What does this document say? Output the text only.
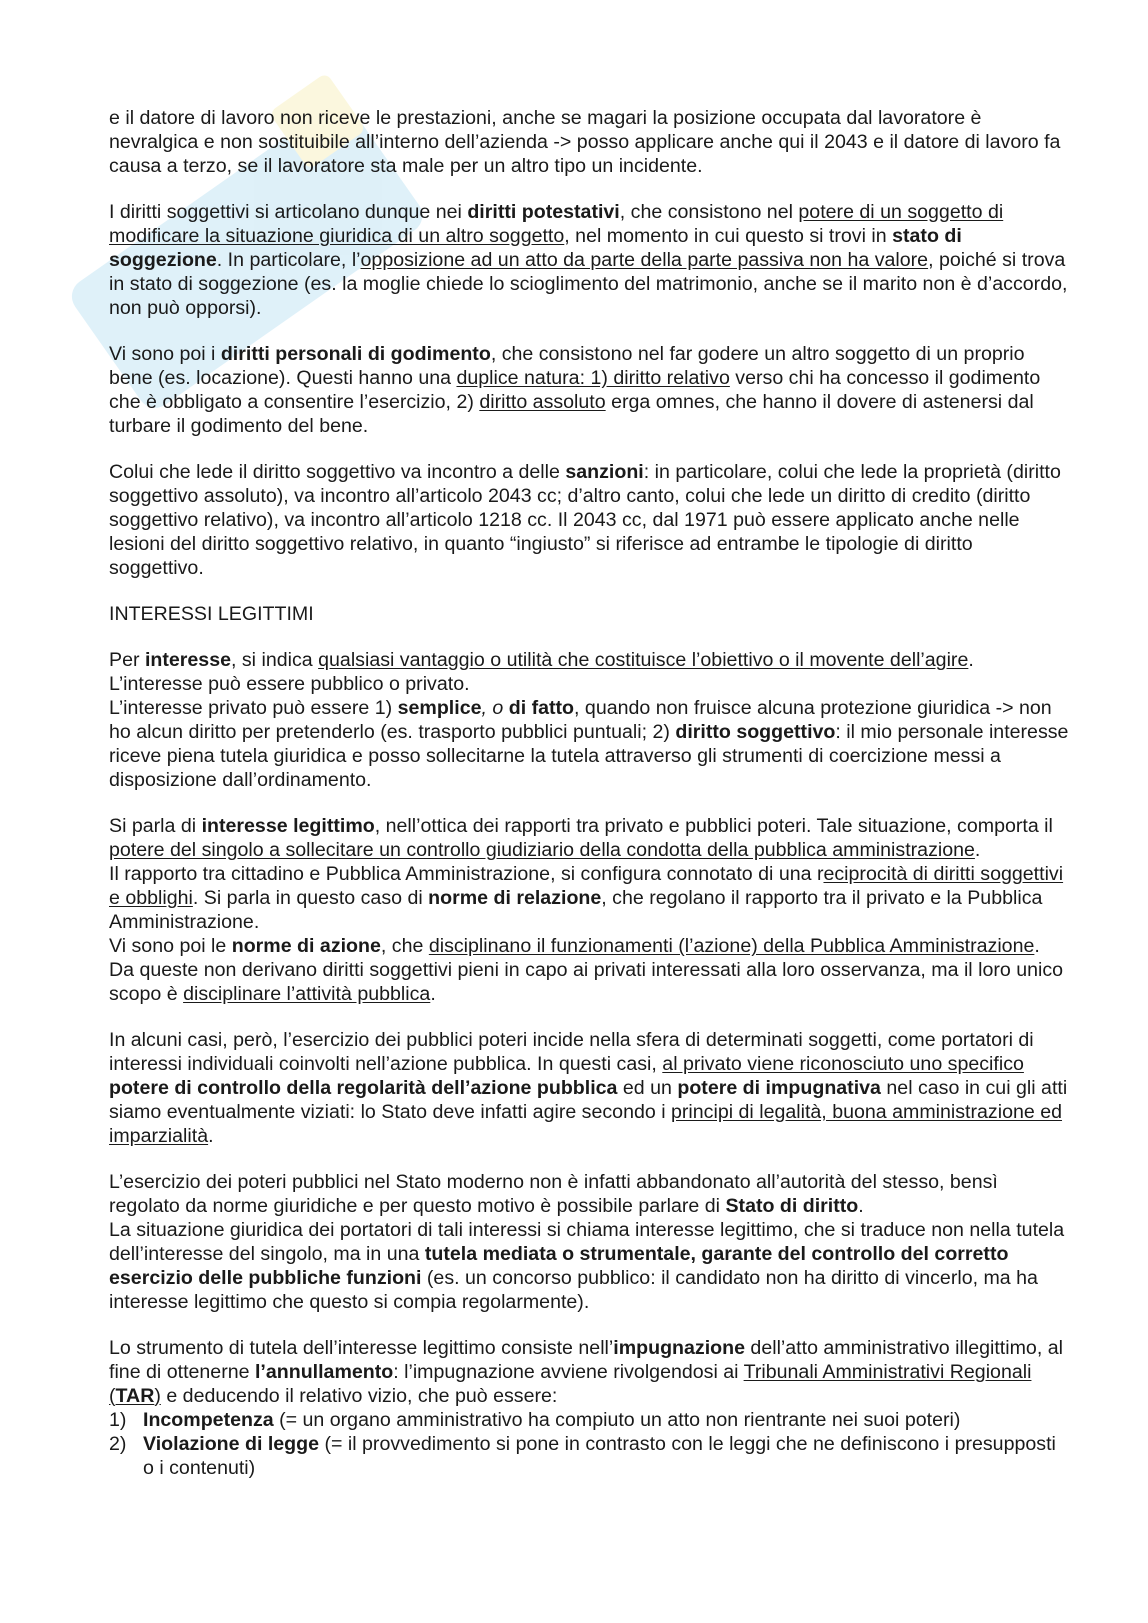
e il datore di lavoro non riceve le prestazioni, anche se magari la posizione occupata dal lavoratore è nevralgica e non sostituibile all’interno dell’azienda -> posso applicare anche qui il 2043 e il datore di lavoro fa causa a terzo, se il lavoratore sta male per un altro tipo un incidente.

I diritti soggettivi si articolano dunque nei diritti potestativi, che consistono nel potere di un soggetto di modificare la situazione giuridica di un altro soggetto, nel momento in cui questo si trovi in stato di soggezione. In particolare, l’opposizione ad un atto da parte della parte passiva non ha valore, poiché si trova in stato di soggezione (es. la moglie chiede lo scioglimento del matrimonio, anche se il marito non è d’accordo, non può opporsi).

Vi sono poi i diritti personali di godimento, che consistono nel far godere un altro soggetto di un proprio bene (es. locazione). Questi hanno una duplice natura: 1) diritto relativo verso chi ha concesso il godimento che è obbligato a consentire l’esercizio, 2) diritto assoluto erga omnes, che hanno il dovere di astenersi dal turbare il godimento del bene.

Colui che lede il diritto soggettivo va incontro a delle sanzioni: in particolare, colui che lede la proprietà (diritto soggettivo assoluto), va incontro all’articolo 2043 cc; d’altro canto, colui che lede un diritto di credito (diritto soggettivo relativo), va incontro all’articolo 1218 cc. Il 2043 cc, dal 1971 può essere applicato anche nelle lesioni del diritto soggettivo relativo, in quanto “ingiusto” si riferisce ad entrambe le tipologie di diritto soggettivo.

INTERESSI LEGITTIMI

Per interesse, si indica qualsiasi vantaggio o utilità che costituisce l’obiettivo o il movente dell’agire. L’interesse può essere pubblico o privato.
L’interesse privato può essere 1) semplice, o di fatto, quando non fruisce alcuna protezione giuridica -> non ho alcun diritto per pretenderlo (es. trasporto pubblici puntuali; 2) diritto soggettivo: il mio personale interesse riceve piena tutela giuridica e posso sollecitarne la tutela attraverso gli strumenti di coercizione messi a disposizione dall’ordinamento.

Si parla di interesse legittimo, nell’ottica dei rapporti tra privato e pubblici poteri. Tale situazione, comporta il potere del singolo a sollecitare un controllo giudiziario della condotta della pubblica amministrazione.
Il rapporto tra cittadino e Pubblica Amministrazione, si configura connotato di una reciprocità di diritti soggettivi e obblighi. Si parla in questo caso di norme di relazione, che regolano il rapporto tra il privato e la Pubblica Amministrazione.
Vi sono poi le norme di azione, che disciplinano il funzionamenti (l’azione) della Pubblica Amministrazione. Da queste non derivano diritti soggettivi pieni in capo ai privati interessati alla loro osservanza, ma il loro unico scopo è disciplinare l’attività pubblica.

In alcuni casi, però, l’esercizio dei pubblici poteri incide nella sfera di determinati soggetti, come portatori di interessi individuali coinvolti nell’azione pubblica. In questi casi, al privato viene riconosciuto uno specifico potere di controllo della regolarità dell’azione pubblica ed un potere di impugnativa nel caso in cui gli atti siamo eventualmente viziati: lo Stato deve infatti agire secondo i principi di legalità, buona amministrazione ed imparzialità.

L’esercizio dei poteri pubblici nel Stato moderno non è infatti abbandonato all’autorità del stesso, bensì regolato da norme giuridiche e per questo motivo è possibile parlare di Stato di diritto.
La situazione giuridica dei portatori di tali interessi si chiama interesse legittimo, che si traduce non nella tutela dell’interesse del singolo, ma in una tutela mediata o strumentale, garante del controllo del corretto esercizio delle pubbliche funzioni (es. un concorso pubblico: il candidato non ha diritto di vincerlo, ma ha interesse legittimo che questo si compia regolarmente).

Lo strumento di tutela dell’interesse legittimo consiste nell’impugnazione dell’atto amministrativo illegittimo, al fine di ottenerne l’annullamento: l’impugnazione avviene rivolgendosi ai Tribunali Amministrativi Regionali (TAR) e deducendo il relativo vizio, che può essere:

1) Incompetenza (= un organo amministrativo ha compiuto un atto non rientrante nei suoi poteri)
2) Violazione di legge (= il provvedimento si pone in contrasto con le leggi che ne definiscono i presupposti o i contenuti)
